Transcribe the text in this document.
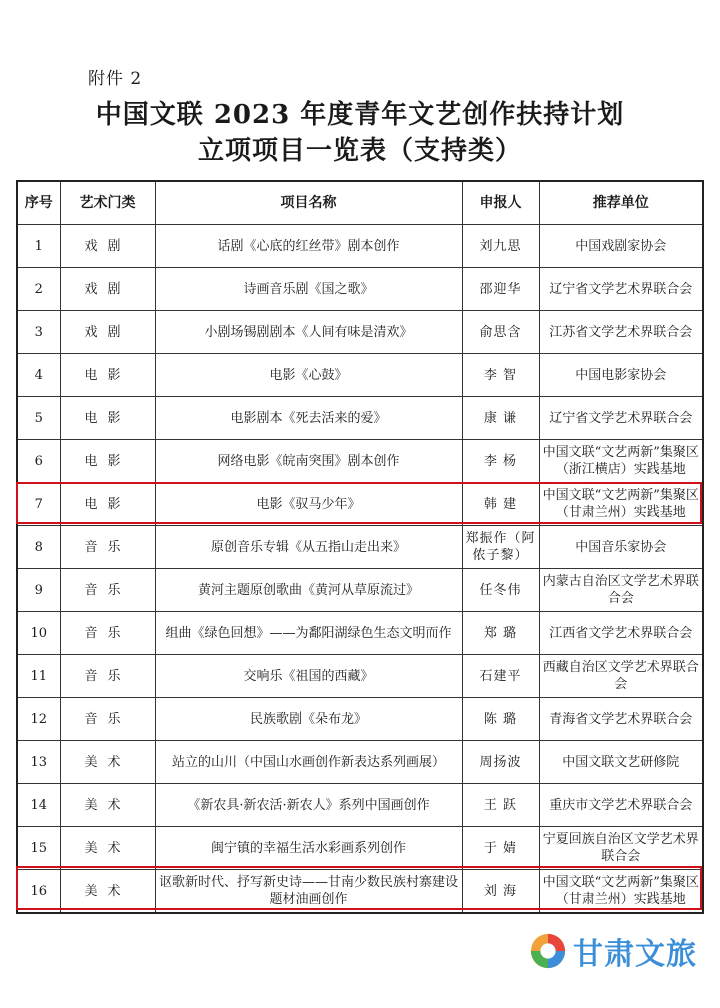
附件 2
中国文联 2023 年度青年文艺创作扶持计划
立项项目一览表（支持类）
序号	艺术门类	项目名称	申报人	推荐单位
1	戏剧	话剧《心底的红丝带》剧本创作	刘九思	中国戏剧家协会
2	戏剧	诗画音乐剧《国之歌》	邵迎华	辽宁省文学艺术界联合会
3	戏剧	小剧场锡剧剧本《人间有味是清欢》	俞思含	江苏省文学艺术界联合会
4	电影	电影《心鼓》	李 智	中国电影家协会
5	电影	电影剧本《死去活来的爱》	康 谦	辽宁省文学艺术界联合会
6	电影	网络电影《皖南突围》剧本创作	李 杨	中国文联“文艺两新”集聚区（浙江横店）实践基地
7	电影	电影《驭马少年》	韩 建	中国文联“文艺两新”集聚区（甘肃兰州）实践基地
8	音乐	原创音乐专辑《从五指山走出来》	郑振作（阿侬子黎）	中国音乐家协会
9	音乐	黄河主题原创歌曲《黄河从草原流过》	任冬伟	内蒙古自治区文学艺术界联合会
10	音乐	组曲《绿色回想》——为鄱阳湖绿色生态文明而作	郑 璐	江西省文学艺术界联合会
11	音乐	交响乐《祖国的西藏》	石建平	西藏自治区文学艺术界联合会
12	音乐	民族歌剧《朵布龙》	陈 璐	青海省文学艺术界联合会
13	美术	站立的山川（中国山水画创作新表达系列画展）	周扬波	中国文联文艺研修院
14	美术	《新农具·新农活·新农人》系列中国画创作	王 跃	重庆市文学艺术界联合会
15	美术	闽宁镇的幸福生活水彩画系列创作	于 婧	宁夏回族自治区文学艺术界联合会
16	美术	讴歌新时代、抒写新史诗——甘南少数民族村寨建设题材油画创作	刘 海	中国文联“文艺两新”集聚区（甘肃兰州）实践基地
甘肃文旅
